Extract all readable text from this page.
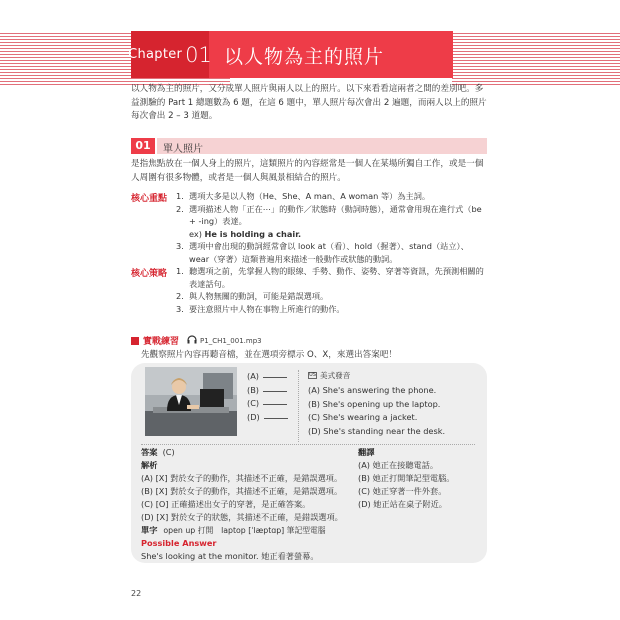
Chapter 01 以人物為主的照片

以人物為主的照片，又分成單人照片與兩人以上的照片。以下來看看這兩者之間的差別吧。多益測驗的 Part 1 總題數為 6 題，在這 6 題中，單人照片每次會出 2 遍題，而兩人以上的照片每次會出 2 – 3 道題。

01	單人照片

是指焦點放在一個人身上的照片，這類照片的內容經常是一個人在某場所獨自工作，或是一個人周圍有很多物體，或者是一個人與風景相結合的照片。

核心重點 1. 選項大多是以人物（He、She、A man、A woman 等）為主詞。
2. 選項描述人物「正在⋯」的動作／狀態時（動詞時態），通常會用現在進行式（be + -ing）表達。
ex) He is holding a chair.
3. 選項中會出現的動詞經常會以 look at（看）、hold（握著）、stand（站立）、wear（穿著）這類普遍用來描述一般動作或狀態的動詞。
核心策略 1. 聽選項之前，先掌握人物的眼線、手勢、動作、姿勢、穿著等資訊，先預測相關的表達話句。
2. 與人物無關的動詞，可能是錯誤選項。
3. 要注意照片中人物在事物上所進行的動作。
實戰練習	P1_CH1_001.mp3
先觀察照片內容再聽音檔，並在選項旁標示 O、X，來選出答案吧！
(A)
(B)
(C)
(D)
US 美式發音
(A) She's answering the phone.
(B) She's opening up the laptop.
(C) She's wearing a jacket.
(D) She's standing near the desk.
答案 (C)
解析
(A) [X] 對於女子的動作，其描述不正確，是錯誤選項。
(B) [X] 對於女子的動作，其描述不正確，是錯誤選項。
(C) [O] 正確描述出女子的穿著，是正確答案。
(D) [X] 對於女子的狀態，其描述不正確，是錯誤選項。
單字 open up 打開　laptop [ˈlæptɑp] 筆記型電腦
Possible Answer
She's looking at the monitor. 她正看著螢幕。
翻譯
(A) 她正在接聽電話。
(B) 她正打開筆記型電腦。
(C) 她正穿著一件外套。
(D) 她正站在桌子附近。
22
